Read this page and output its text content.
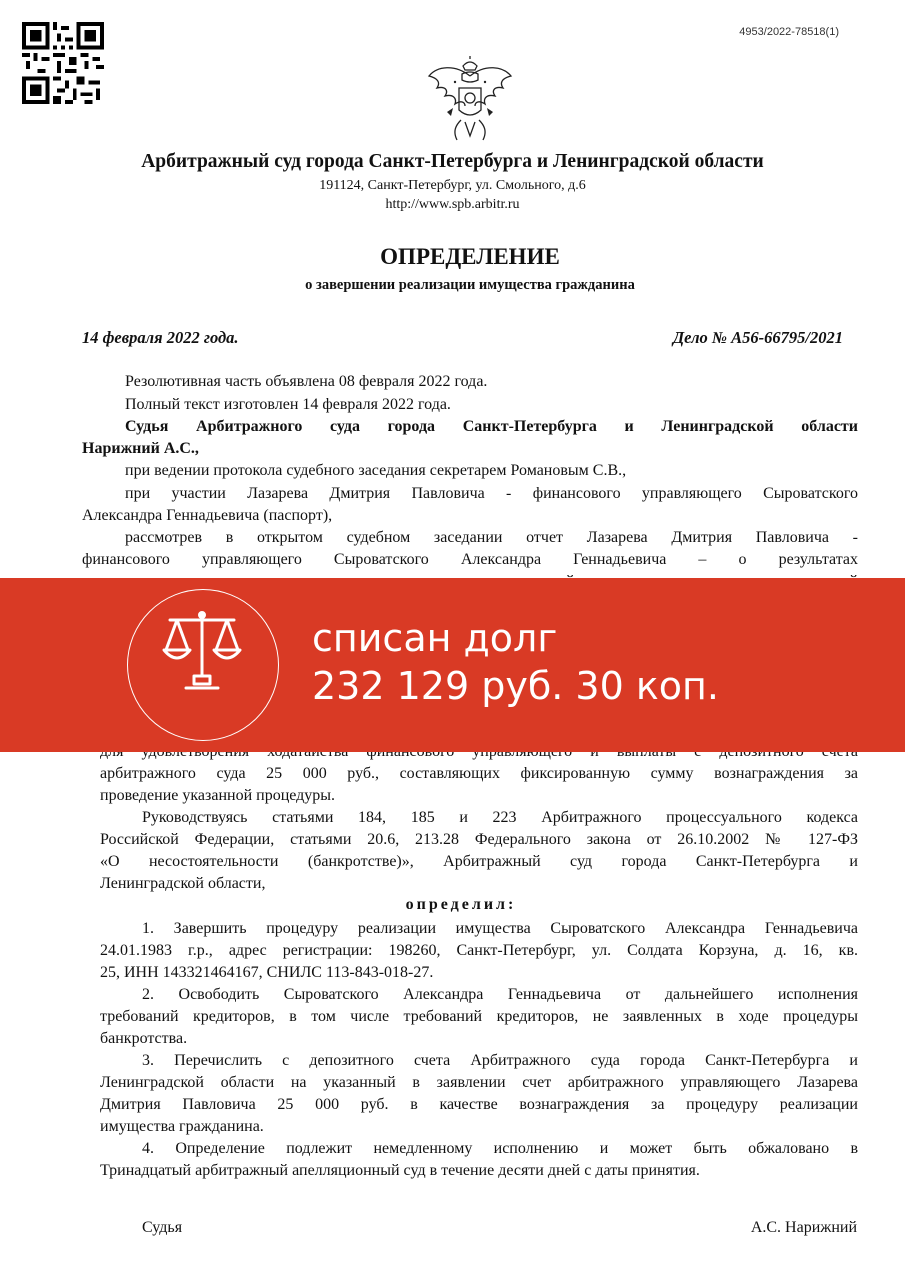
4953/2022-78518(1)
Арбитражный суд города Санкт-Петербурга и Ленинградской области
191124, Санкт-Петербург, ул. Смольного, д.6
http://www.spb.arbitr.ru
ОПРЕДЕЛЕНИЕ
о завершении реализации имущества гражданина
14 февраля 2022 года.	Дело № А56-66795/2021
Резолютивная часть объявлена 08 февраля 2022 года.
Полный текст изготовлен 14 февраля 2022 года.
Судья Арбитражного суда города Санкт-Петербурга и Ленинградской области
Нарижний А.С.,
при ведении протокола судебного заседания секретарем Романовым С.В.,
при участии Лазарева Дмитрия Павловича - финансового управляющего Сыроватского
Александра Геннадьевича (паспорт),
рассмотрев в открытом судебном заседании отчет Лазарева Дмитрия Павловича -
финансового управляющего Сыроватского Александра Геннадьевича – о результатах
списан долг
232 129 руб. 30 коп.
арбитражного суда 25 000 руб., составляющих фиксированную сумму вознаграждения за
проведение указанной процедуры.
Руководствуясь статьями 184, 185 и 223 Арбитражного процессуального кодекса
Российской Федерации, статьями 20.6, 213.28 Федерального закона от 26.10.2002 № 127-ФЗ
«О несостоятельности (банкротстве)», Арбитражный суд города Санкт-Петербурга и
Ленинградской области,
определил:
1. Завершить процедуру реализации имущества Сыроватского Александра Геннадьевича
24.01.1983 г.р., адрес регистрации: 198260, Санкт-Петербург, ул. Солдата Корзуна, д. 16, кв.
25, ИНН 143321464167, СНИЛС 113-843-018-27.
2. Освободить Сыроватского Александра Геннадьевича от дальнейшего исполнения
требований кредиторов, в том числе требований кредиторов, не заявленных в ходе процедуры
банкротства.
3. Перечислить с депозитного счета Арбитражного суда города Санкт-Петербурга и
Ленинградской области на указанный в заявлении счет арбитражного управляющего Лазарева
Дмитрия Павловича 25 000 руб. в качестве вознаграждения за процедуру реализации
имущества гражданина.
4. Определение подлежит немедленному исполнению и может быть обжаловано в
Тринадцатый арбитражный апелляционный суд в течение десяти дней с даты принятия.
Судья	А.С. Нарижний
